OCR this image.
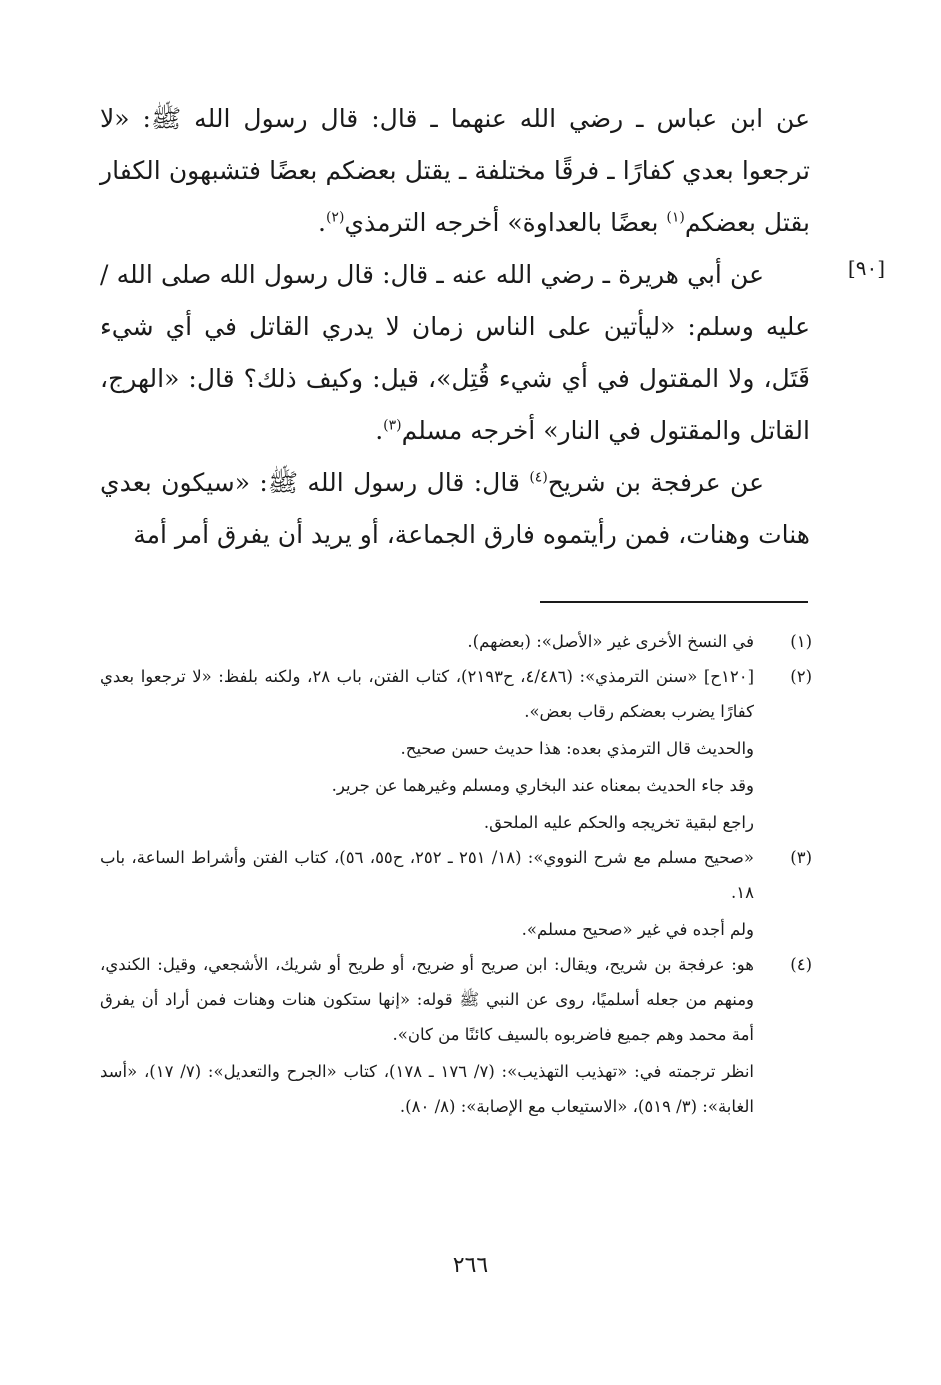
عن ابن عباس ـ رضي الله عنهما ـ قال: قال رسول الله ﷺ: «لا ترجعوا بعدي كفارًا ـ فرقًا مختلفة ـ يقتل بعضكم بعضًا فتشبهون الكفار بقتل بعضكم$^{(١)}$ بعضًا بالعداوة» أخرجه الترمذي$^{(٢)}$.

عن أبي هريرة ـ رضي الله عنه ـ قال: قال رسول الله صلى الله / عليه وسلم: «ليأتين على الناس زمان لا يدري القاتل في أي شيء قَتَل، ولا المقتول في أي شيء قُتِل»، قيل: وكيف ذلك؟ قال: «الهرج، القاتل والمقتول في النار» أخرجه مسلم$^{(٣)}$.

عن عرفجة بن شريح$^{(٤)}$ قال: قال رسول الله ﷺ: «سيكون بعدي هنات وهنات، فمن رأيتموه فارق الجماعة، أو يريد أن يفرق أمر أمة

[٩٠]
(١)
في النسخ الأخرى غير «الأصل»: (بعضهم).
(٢)
[١٢٠ح] «سنن الترمذي»: (٤/٤٨٦، ح٢١٩٣)، كتاب الفتن، باب ٢٨، ولكنه بلفظ: «لا ترجعوا بعدي كفارًا يضرب بعضكم رقاب بعض».
والحديث قال الترمذي بعده: هذا حديث حسن صحيح.
وقد جاء الحديث بمعناه عند البخاري ومسلم وغيرهما عن جرير.
راجع لبقية تخريجه والحكم عليه الملحق.
(٣)
«صحيح مسلم مع شرح النووي»: (١٨/ ٢٥١ ـ ٢٥٢، ح٥٥، ٥٦)، كتاب الفتن وأشراط الساعة، باب ١٨.
ولم أجده في غير «صحيح مسلم».
(٤)
هو: عرفجة بن شريح، ويقال: ابن صريح أو ضريح، أو طريح أو شريك، الأشجعي، وقيل: الكندي، ومنهم من جعله أسلميًا، روى عن النبي ﷺ قوله: «إنها ستكون هنات وهنات فمن أراد أن يفرق أمة محمد وهم جميع فاضربوه بالسيف كائنًا من كان».
انظر ترجمته في: «تهذيب التهذيب»: (٧/ ١٧٦ ـ ١٧٨)، كتاب «الجرح والتعديل»: (٧/ ١٧)، «أسد الغابة»: (٣/ ٥١٩)، «الاستيعاب مع الإصابة»: (٨/ ٨٠).
٢٦٦
